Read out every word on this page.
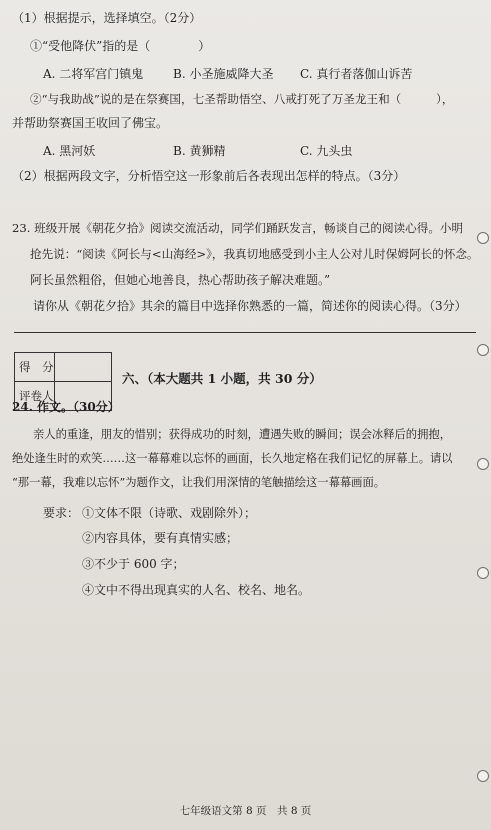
（1）根据提示，选择填空。（2分）
①“受他降伏”指的是（　　　　）
A. 二将军宫门镇鬼 B. 小圣施威降大圣 C. 真行者落伽山诉苦
②“与我助战”说的是在祭赛国，七圣帮助悟空、八戒打死了万圣龙王和（　　　），
并帮助祭赛国王收回了佛宝。
A. 黑河妖	B. 黄狮精	C. 九头虫
（2）根据两段文字，分析悟空这一形象前后各表现出怎样的特点。（3分）
23. 班级开展《朝花夕拾》阅读交流活动，同学们踊跃发言，畅谈自己的阅读心得。小明
抢先说：“阅读《阿长与<山海经>》，我真切地感受到小主人公对儿时保姆阿长的怀念。
阿长虽然粗俗，但她心地善良，热心帮助孩子解决难题。”
请你从《朝花夕拾》其余的篇目中选择你熟悉的一篇，简述你的阅读心得。（3分）
得　分	
评卷人	
六、（本大题共 1 小题，共 30 分）
24. 作文。（30分）
亲人的重逢，朋友的惜别；获得成功的时刻，遭遇失败的瞬间；误会冰释后的拥抱，
绝处逢生时的欢笑……这一幕幕难以忘怀的画面，长久地定格在我们记忆的屏幕上。请以
“那一幕，我难以忘怀”为题作文，让我们用深情的笔触描绘这一幕幕画面。
要求： ①文体不限（诗歌、戏剧除外）；
②内容具体，要有真情实感；
③不少于 600 字；
④文中不得出现真实的人名、校名、地名。
七年级语文第 8 页　共 8 页
